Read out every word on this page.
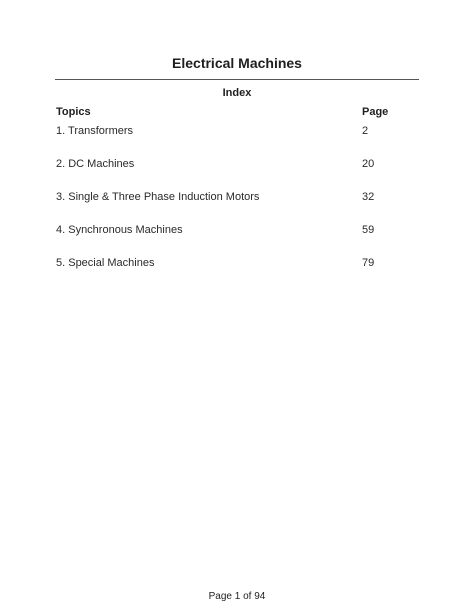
Electrical Machines
Index
Topics	Page
1. Transformers	2
2. DC Machines	20
3. Single & Three Phase Induction Motors	32
4. Synchronous Machines	59
5. Special Machines	79
Page 1 of 94
